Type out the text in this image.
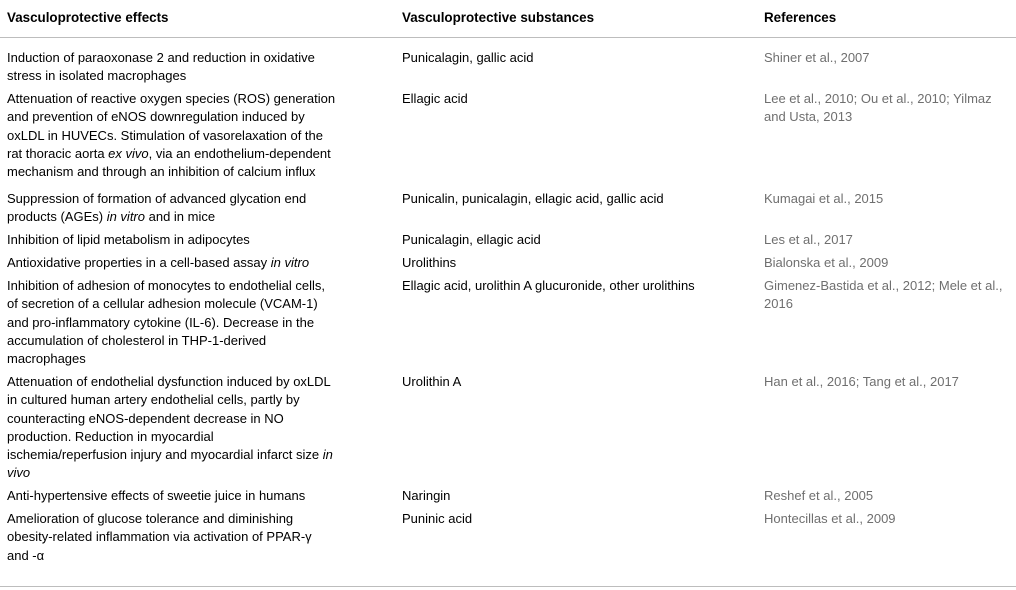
Vasculoprotective effects	Vasculoprotective substances	References
Induction of paraoxonase 2 and reduction in oxidative
stress in isolated macrophages
Punicalagin, gallic acid	Shiner et al., 2007
Attenuation of reactive oxygen species (ROS) generation
and prevention of eNOS downregulation induced by
oxLDL in HUVECs. Stimulation of vasorelaxation of the
rat thoracic aorta ex vivo, via an endothelium-dependent
mechanism and through an inhibition of calcium influx
Ellagic acid	Lee et al., 2010; Ou et al., 2010; Yilmaz
and Usta, 2013
Suppression of formation of advanced glycation end
products (AGEs) in vitro and in mice
Punicalin, punicalagin, ellagic acid, gallic acid	Kumagai et al., 2015
Inhibition of lipid metabolism in adipocytes	Punicalagin, ellagic acid	Les et al., 2017
Antioxidative properties in a cell-based assay in vitro	Urolithins	Bialonska et al., 2009
Inhibition of adhesion of monocytes to endothelial cells,
of secretion of a cellular adhesion molecule (VCAM-1)
and pro-inflammatory cytokine (IL-6). Decrease in the
accumulation of cholesterol in THP-1-derived
macrophages
Ellagic acid, urolithin A glucuronide, other urolithins	Gimenez-Bastida et al., 2012; Mele et al.,
2016
Attenuation of endothelial dysfunction induced by oxLDL
in cultured human artery endothelial cells, partly by
counteracting eNOS-dependent decrease in NO
production. Reduction in myocardial
ischemia/reperfusion injury and myocardial infarct size in
vivo
Urolithin A	Han et al., 2016; Tang et al., 2017
Anti-hypertensive effects of sweetie juice in humans	Naringin	Reshef et al., 2005
Amelioration of glucose tolerance and diminishing
obesity-related inflammation via activation of PPAR-γ
and -α
Puninic acid	Hontecillas et al., 2009
